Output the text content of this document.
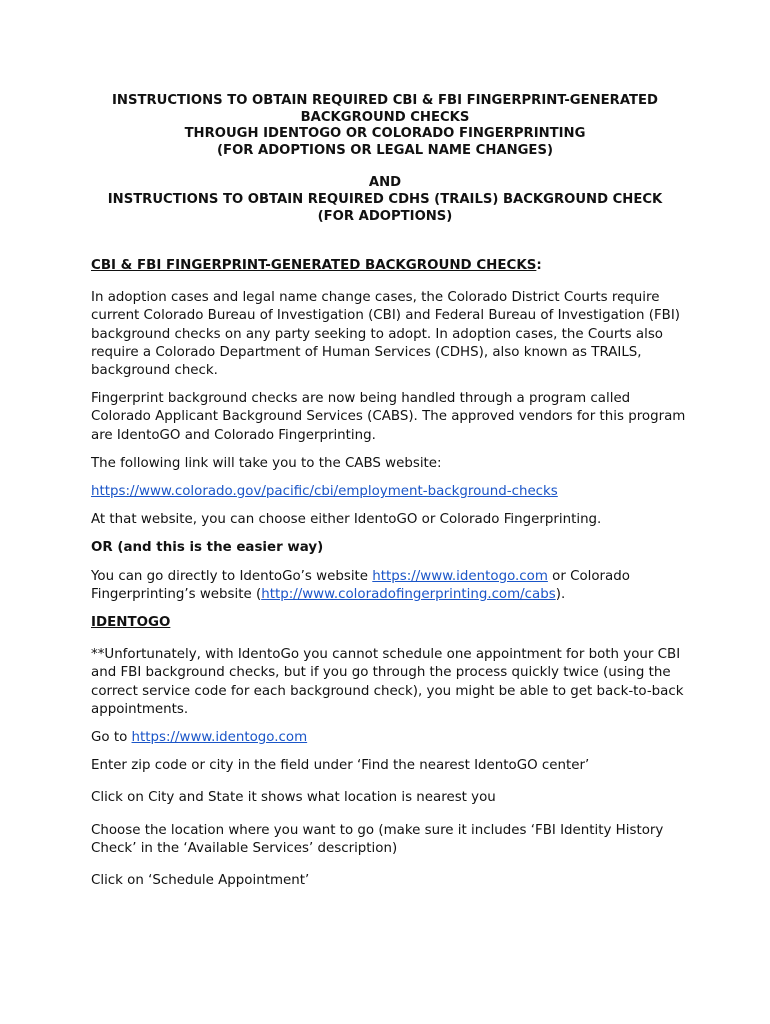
INSTRUCTIONS TO OBTAIN REQUIRED CBI & FBI FINGERPRINT-GENERATED
BACKGROUND CHECKS
THROUGH IDENTOGO OR COLORADO FINGERPRINTING
(FOR ADOPTIONS OR LEGAL NAME CHANGES)
AND
INSTRUCTIONS TO OBTAIN REQUIRED CDHS (TRAILS) BACKGROUND CHECK
(FOR ADOPTIONS)

CBI & FBI FINGERPRINT-GENERATED BACKGROUND CHECKS:

In adoption cases and legal name change cases, the Colorado District Courts require current Colorado Bureau of Investigation (CBI) and Federal Bureau of Investigation (FBI) background checks on any party seeking to adopt. In adoption cases, the Courts also require a Colorado Department of Human Services (CDHS), also known as TRAILS, background check.

Fingerprint background checks are now being handled through a program called Colorado Applicant Background Services (CABS). The approved vendors for this program are IdentoGO and Colorado Fingerprinting.

The following link will take you to the CABS website:

https://www.colorado.gov/pacific/cbi/employment-background-checks

At that website, you can choose either IdentoGO or Colorado Fingerprinting.

OR (and this is the easier way)

You can go directly to IdentoGo’s website https://www.identogo.com or Colorado Fingerprinting’s website (http://www.coloradofingerprinting.com/cabs).

IDENTOGO

**Unfortunately, with IdentoGo you cannot schedule one appointment for both your CBI and FBI background checks, but if you go through the process quickly twice (using the correct service code for each background check), you might be able to get back-to-back appointments.

Go to https://www.identogo.com

Enter zip code or city in the field under ‘Find the nearest IdentoGO center’

Click on City and State it shows what location is nearest you

Choose the location where you want to go (make sure it includes ‘FBI Identity History Check’ in the ‘Available Services’ description)

Click on ‘Schedule Appointment’
